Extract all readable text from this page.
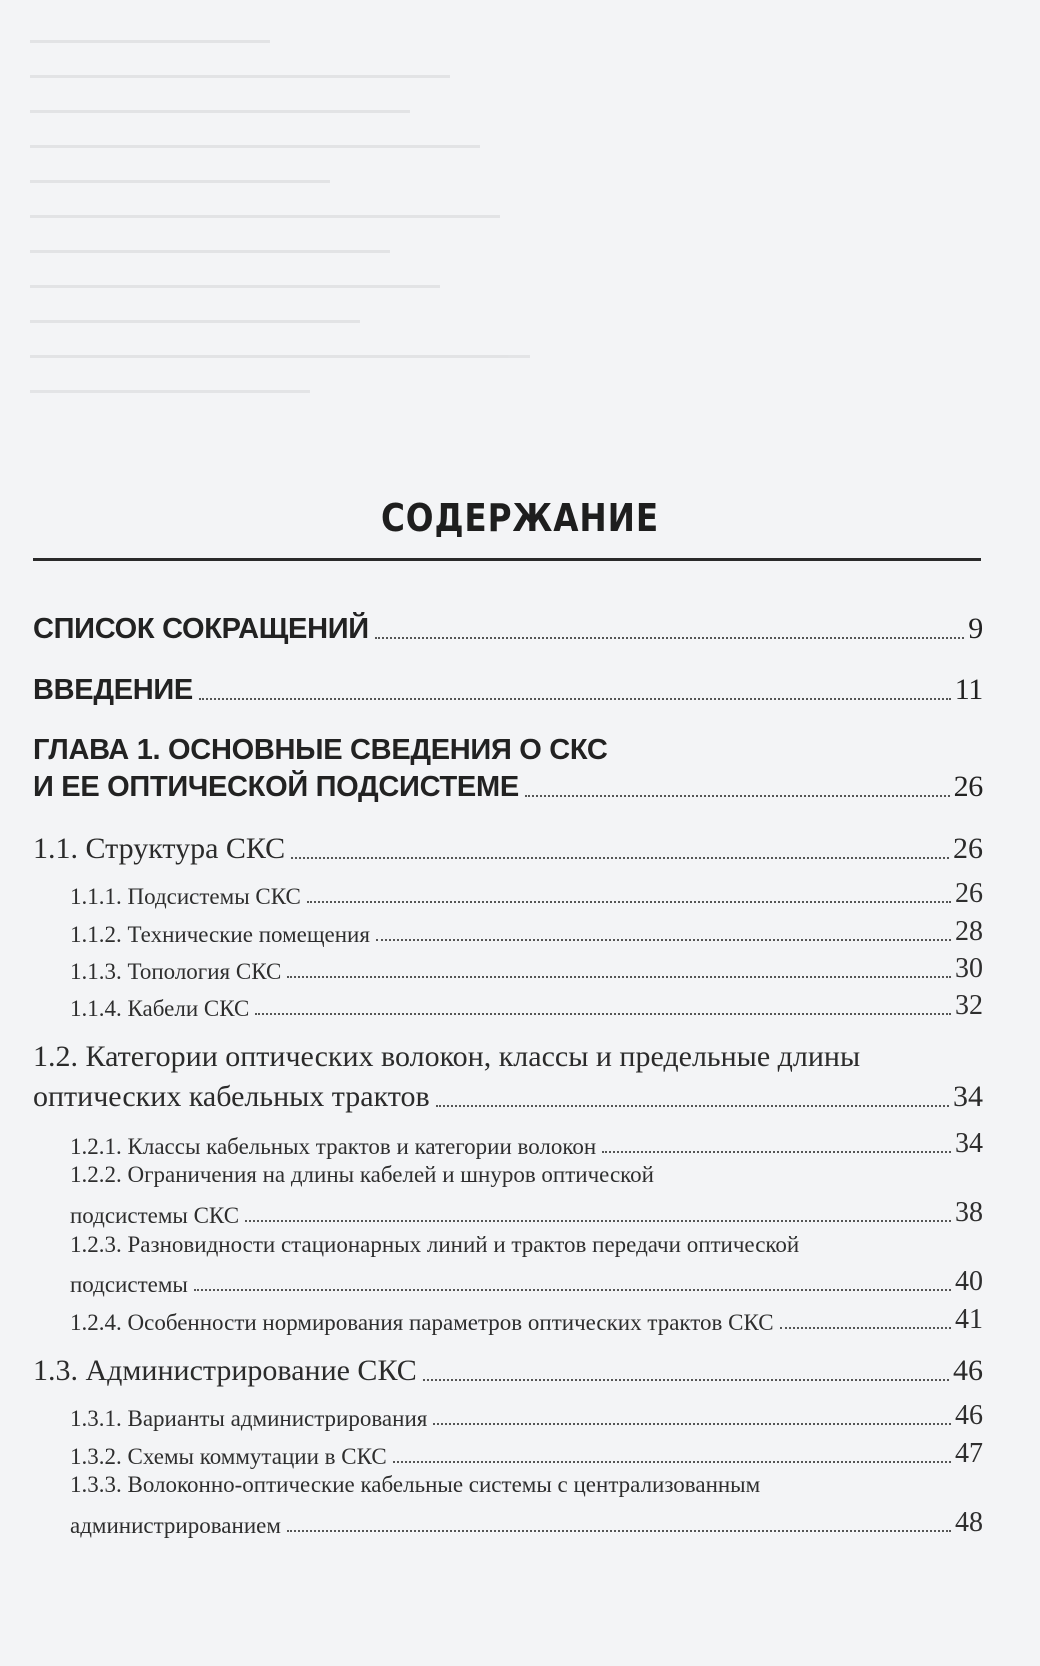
СОДЕРЖАНИЕ
СПИСОК СОКРАЩЕНИЙ	9
ВВЕДЕНИЕ	11
ГЛАВА 1. ОСНОВНЫЕ СВЕДЕНИЯ О СКС
И ЕЕ ОПТИЧЕСКОЙ ПОДСИСТЕМЕ	26
1.1. Структура СКС	26
1.1.1. Подсистемы СКС	26
1.1.2. Технические помещения	28
1.1.3. Топология СКС	30
1.1.4. Кабели СКС	32
1.2. Категории оптических волокон, классы и предельные длины
оптических кабельных трактов	34
1.2.1. Классы кабельных трактов и категории волокон	34
1.2.2. Ограничения на длины кабелей и шнуров оптической
подсистемы СКС	38
1.2.3. Разновидности стационарных линий и трактов передачи оптической
подсистемы	40
1.2.4. Особенности нормирования параметров оптических трактов СКС	41
1.3. Администрирование СКС	46
1.3.1. Варианты администрирования	46
1.3.2. Схемы коммутации в СКС	47
1.3.3. Волоконно-оптические кабельные системы с централизованным
администрированием	48
